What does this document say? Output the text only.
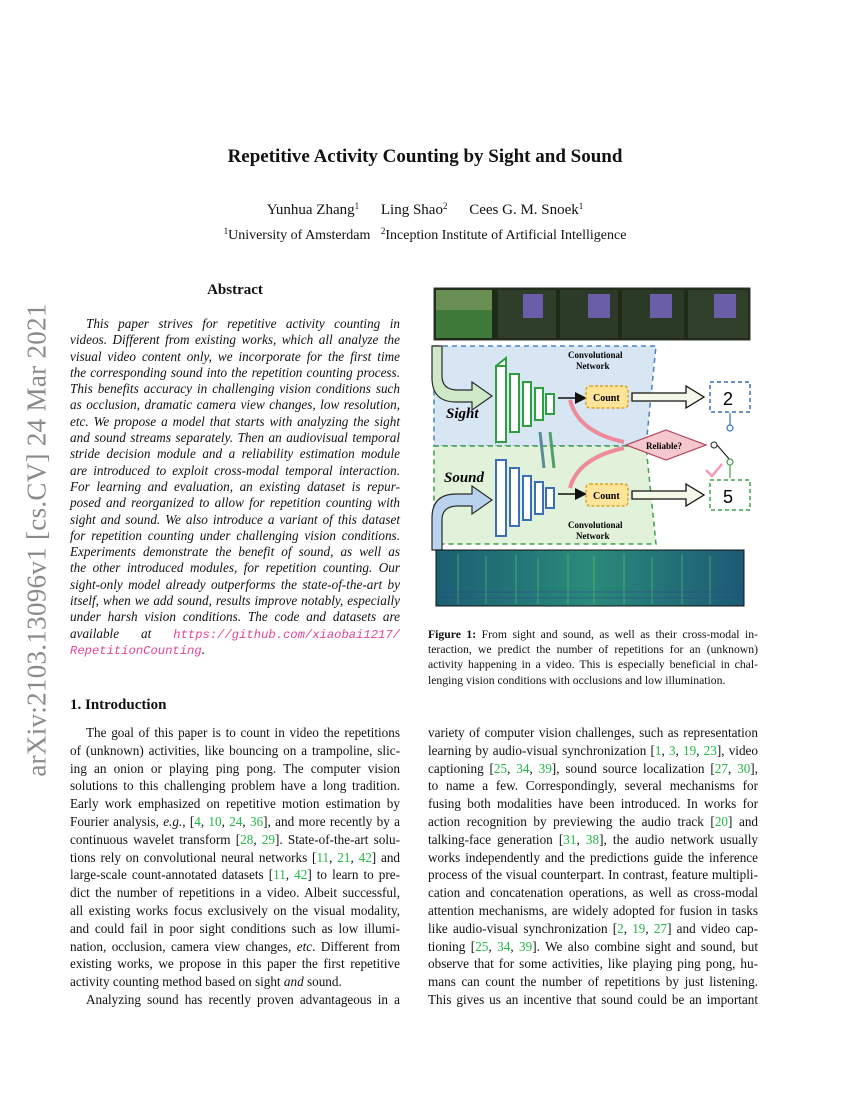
arXiv:2103.13096v1 [cs.CV] 24 Mar 2021
Repetitive Activity Counting by Sight and Sound
Yunhua Zhang$^1$ Ling Shao$^2$ Cees G. M. Snoek$^1$
$^1$University of Amsterdam $^2$Inception Institute of Artificial Intelligence
Abstract
This paper strives for repetitive activity counting in
videos. Different from existing works, which all analyze the
visual video content only, we incorporate for the first time
the corresponding sound into the repetition counting process.
This benefits accuracy in challenging vision conditions such
as occlusion, dramatic camera view changes, low resolution,
etc. We propose a model that starts with analyzing the sight
and sound streams separately. Then an audiovisual temporal
stride decision module and a reliability estimation module
are introduced to exploit cross-modal temporal interaction.
For learning and evaluation, an existing dataset is repur-
posed and reorganized to allow for repetition counting with
sight and sound. We also introduce a variant of this dataset
for repetition counting under challenging vision conditions.
Experiments demonstrate the benefit of sound, as well as
the other introduced modules, for repetition counting. Our
sight-only model already outperforms the state-of-the-art by
itself, when we add sound, results improve notably, especially
under harsh vision conditions. The code and datasets are
available at https://github.com/xiaobai1217/
RepetitionCounting.
Convolutional
Network
Convolutional
Network
Sight
Sound
Count
Count
Reliable?
2
5
Figure 1: From sight and sound, as well as their cross-modal in-
teraction, we predict the number of repetitions for an (unknown)
activity happening in a video. This is especially beneficial in chal-
lenging vision conditions with occlusions and low illumination.
1. Introduction
The goal of this paper is to count in video the repetitions
of (unknown) activities, like bouncing on a trampoline, slic-
ing an onion or playing ping pong. The computer vision
solutions to this challenging problem have a long tradition.
Early work emphasized on repetitive motion estimation by
Fourier analysis, e.g., [4, 10, 24, 36], and more recently by a
continuous wavelet transform [28, 29]. State-of-the-art solu-
tions rely on convolutional neural networks [11, 21, 42] and
large-scale count-annotated datasets [11, 42] to learn to pre-
dict the number of repetitions in a video. Albeit successful,
all existing works focus exclusively on the visual modality,
and could fail in poor sight conditions such as low illumi-
nation, occlusion, camera view changes, etc. Different from
existing works, we propose in this paper the first repetitive
activity counting method based on sight and sound.
Analyzing sound has recently proven advantageous in a
variety of computer vision challenges, such as representation
learning by audio-visual synchronization [1, 3, 19, 23], video
captioning [25, 34, 39], sound source localization [27, 30],
to name a few. Correspondingly, several mechanisms for
fusing both modalities have been introduced. In works for
action recognition by previewing the audio track [20] and
talking-face generation [31, 38], the audio network usually
works independently and the predictions guide the inference
process of the visual counterpart. In contrast, feature multipli-
cation and concatenation operations, as well as cross-modal
attention mechanisms, are widely adopted for fusion in tasks
like audio-visual synchronization [2, 19, 27] and video cap-
tioning [25, 34, 39]. We also combine sight and sound, but
observe that for some activities, like playing ping pong, hu-
mans can count the number of repetitions by just listening.
This gives us an incentive that sound could be an important
